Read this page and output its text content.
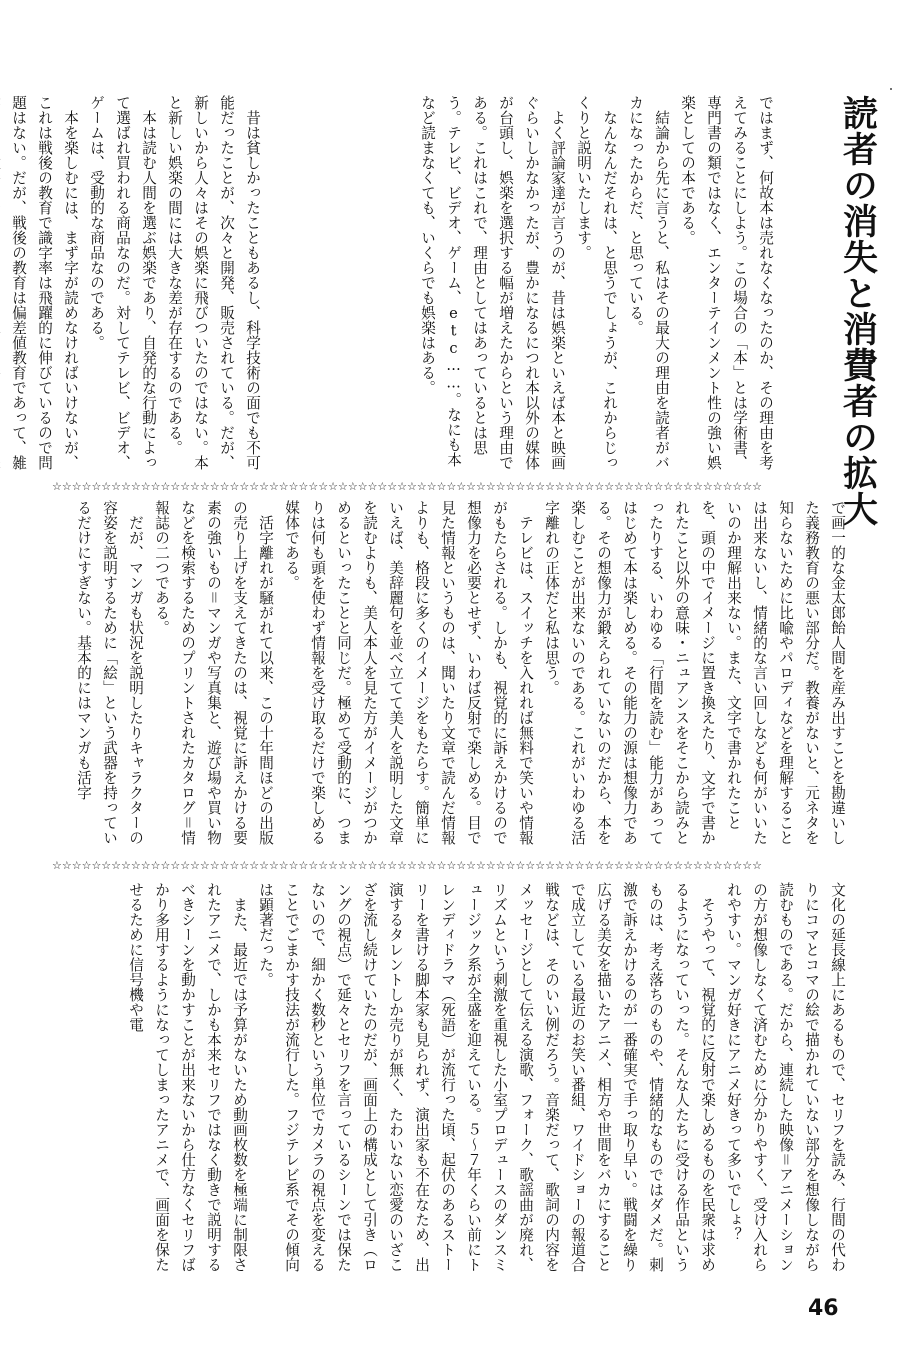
読者の消失と消費者の拡大

ではまず、何故本は売れなくなったのか、その理由を考えてみることにしよう。この場合の「本」とは学術書、専門書の類ではなく、エンターテインメント性の強い娯楽としての本である。

結論から先に言うと、私はその最大の理由を読者がバカになったからだ、と思っている。

なんなんだそれは、と思うでしょうが、これからじっくりと説明いたします。

よく評論家達が言うのが、昔は娯楽といえば本と映画ぐらいしかなかったが、豊かになるにつれ本以外の媒体が台頭し、娯楽を選択する幅が増えたからという理由である。これはこれで、理由としてはあっているとは思う。テレビ、ビデオ、ゲーム、etc……。なにも本など読まなくても、いくらでも娯楽はある。

昔は貧しかったこともあるし、科学技術の面でも不可能だったことが、次々と開発、販売されている。だが、新しいから人々はその娯楽に飛びついたのではない。本と新しい娯楽の間には大きな差が存在するのである。

本は読む人間を選ぶ娯楽であり、自発的な行動によって選ばれ買われる商品なのだ。対してテレビ、ビデオ、ゲームは、受動的な商品なのである。

本を楽しむには、まず字が読めなければいけないが、これは戦後の教育で識字率は飛躍的に伸びているので問題はない。だが、戦後の教育は偏差値教育であって、雑

☆☆☆☆☆☆☆☆☆☆☆☆☆☆☆☆☆☆☆☆☆☆☆☆☆☆☆☆☆☆☆☆☆☆☆☆☆☆☆☆☆☆☆☆☆☆☆☆☆☆☆☆☆☆☆☆☆☆☆☆☆☆☆☆☆☆☆☆☆☆☆☆

で画一的な金太郎飴人間を産み出すことを勘違いした義務教育の悪い部分だ。教養がないと、元ネタを知らないために比喩やパロディなどを理解することは出来ないし、情緒的な言い回しなども何がいいたいのか理解出来ない。また、文字で書かれたことを、頭の中でイメージに置き換えたり、文字で書かれたこと以外の意味・ニュアンスをそこから読みとったりする、いわゆる「行間を読む」能力があってはじめて本は楽しめる。その能力の源は想像力である。その想像力が鍛えられていないのだから、本を楽しむことが出来ないのである。これがいわゆる活字離れの正体だと私は思う。

テレビは、スイッチを入れれば無料で笑いや情報がもたらされる。しかも、視覚的に訴えかけるので想像力を必要とせず、いわば反射で楽しめる。目で見た情報というものは、聞いたり文章で読んだ情報よりも、格段に多くのイメージをもたらす。簡単にいえば、美辞麗句を並べ立てて美人を説明した文章を読むよりも、美人本人を見た方がイメージがつかめるといったことと同じだ。極めて受動的に、つまりは何も頭を使わず情報を受け取るだけで楽しめる媒体である。

活字離れが騒がれて以来、この十年間ほどの出版の売り上げを支えてきたのは、視覚に訴えかける要素の強いもの＝マンガや写真集と、遊び場や買い物などを検索するためのプリントされたカタログ＝情報誌の二つである。

だが、マンガも状況を説明したりキャラクターの容姿を説明するために「絵」という武器を持っているだけにすぎない。基本的にはマンガも活字

☆☆☆☆☆☆☆☆☆☆☆☆☆☆☆☆☆☆☆☆☆☆☆☆☆☆☆☆☆☆☆☆☆☆☆☆☆☆☆☆☆☆☆☆☆☆☆☆☆☆☆☆☆☆☆☆☆☆☆☆☆☆☆☆☆☆☆☆☆☆☆☆

文化の延長線上にあるもので、セリフを読み、行間の代わりにコマとコマの絵で描かれていない部分を想像しながら読むものである。だから、連続した映像＝アニメーションの方が想像しなくて済むために分かりやすく、受け入れられやすい。マンガ好きにアニメ好きって多いでしょ？

そうやって、視覚的に反射で楽しめるものを民衆は求めるようになっていった。そんな人たちに受ける作品というものは、考え落ちのものや、情緒的なものではダメだ。刺激で訴えかけるのが一番確実で手っ取り早い。戦闘を繰り広げる美女を描いたアニメ、相方や世間をバカにすることで成立している最近のお笑い番組、ワイドショーの報道合戦などは、そのいい例だろう。音楽だって、歌詞の内容をメッセージとして伝える演歌、フォーク、歌謡曲が廃れ、リズムという刺激を重視した小室プロデュースのダンスミュージック系が全盛を迎えている。５～７年くらい前にトレンディドラマ（死語）が流行った頃、起伏のあるストーリーを書ける脚本家も見られず、演出家も不在なため、出演するタレントしか売りが無く、たわいない恋愛のいざこざを流し続けていたのだが、画面上の構成として引き（ロングの視点）で延々とセリフを言っているシーンでは保たないので、細かく数秒という単位でカメラの視点を変えることでごまかす技法が流行した。フジテレビ系でその傾向は顕著だった。

また、最近では予算がないため動画枚数を極端に制限されたアニメで、しかも本来セリフではなく動きで説明するべきシーンを動かすことが出来ないから仕方なくセリフばかり多用するようになってしまったアニメで、画面を保たせるために信号機や電

46
